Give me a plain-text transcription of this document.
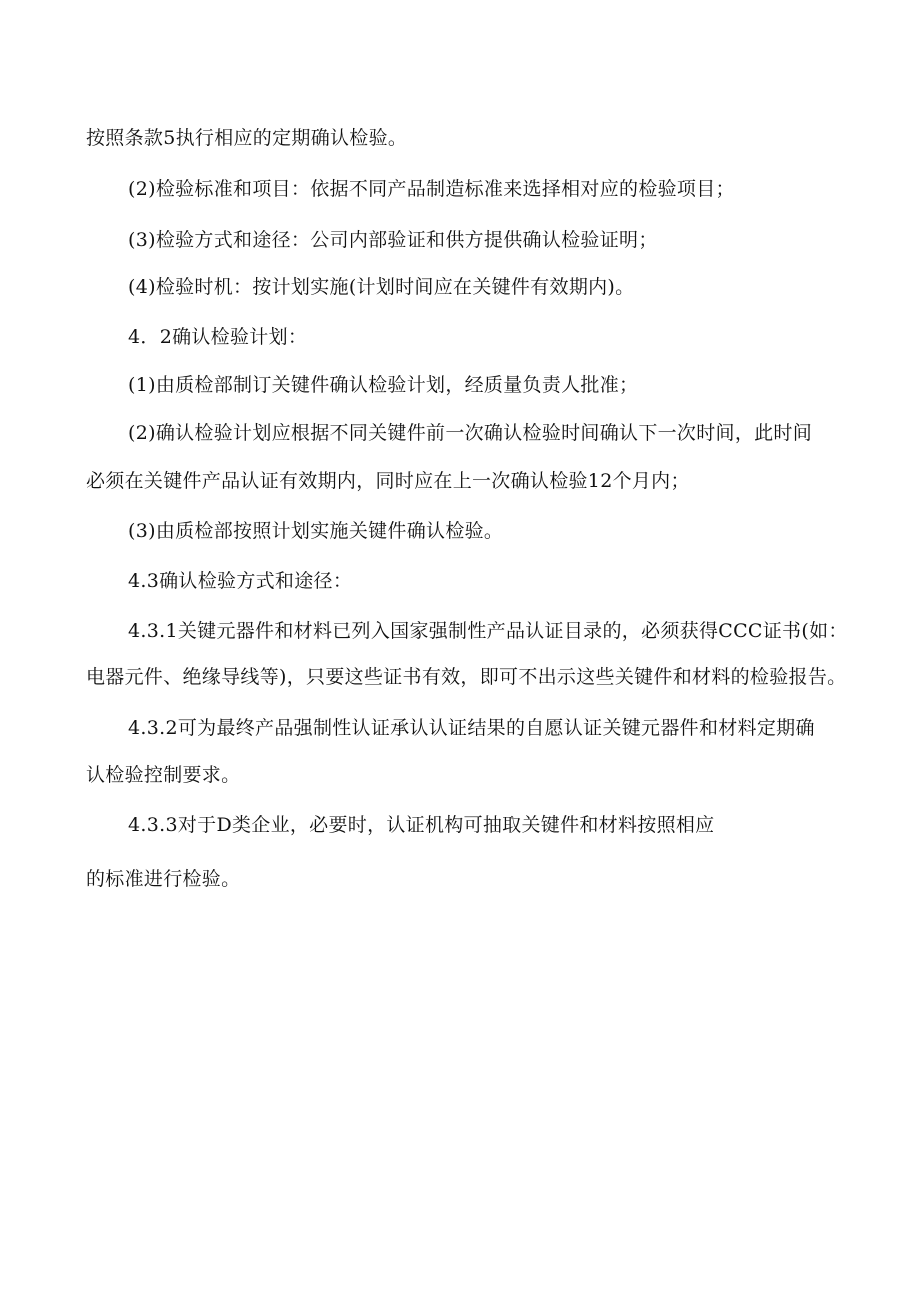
按照条款5执行相应的定期确认检验。
(2)检验标准和项目：依据不同产品制造标准来选择相对应的检验项目；
(3)检验方式和途径：公司内部验证和供方提供确认检验证明；
(4)检验时机：按计划实施(计划时间应在关键件有效期内)。
4．2确认检验计划：
(1)由质检部制订关键件确认检验计划，经质量负责人批准；
(2)确认检验计划应根据不同关键件前一次确认检验时间确认下一次时间，此时间
必须在关键件产品认证有效期内，同时应在上一次确认检验12个月内；
(3)由质检部按照计划实施关键件确认检验。
4.3确认检验方式和途径：
4.3.1关键元器件和材料已列入国家强制性产品认证目录的，必须获得CCC证书(如：
电器元件、绝缘导线等)，只要这些证书有效，即可不出示这些关键件和材料的检验报告。
4.3.2可为最终产品强制性认证承认认证结果的自愿认证关键元器件和材料定期确
认检验控制要求。
4.3.3对于D类企业，必要时，认证机构可抽取关键件和材料按照相应
的标准进行检验。
